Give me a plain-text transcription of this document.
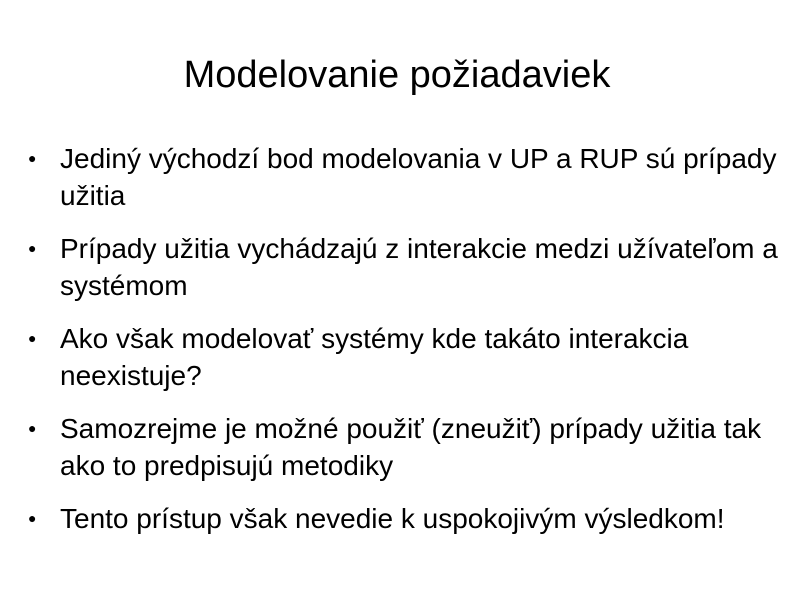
Modelovanie požiadaviek
● Jediný východzí bod modelovania v UP a RUP sú prípady užitia
● Prípady užitia vychádzajú z interakcie medzi užívateľom a systémom
● Ako však modelovať systémy kde takáto interakcia neexistuje?
● Samozrejme je možné použiť (zneužiť) prípady užitia tak ako to predpisujú metodiky
● Tento prístup však nevedie k uspokojivým výsledkom!
